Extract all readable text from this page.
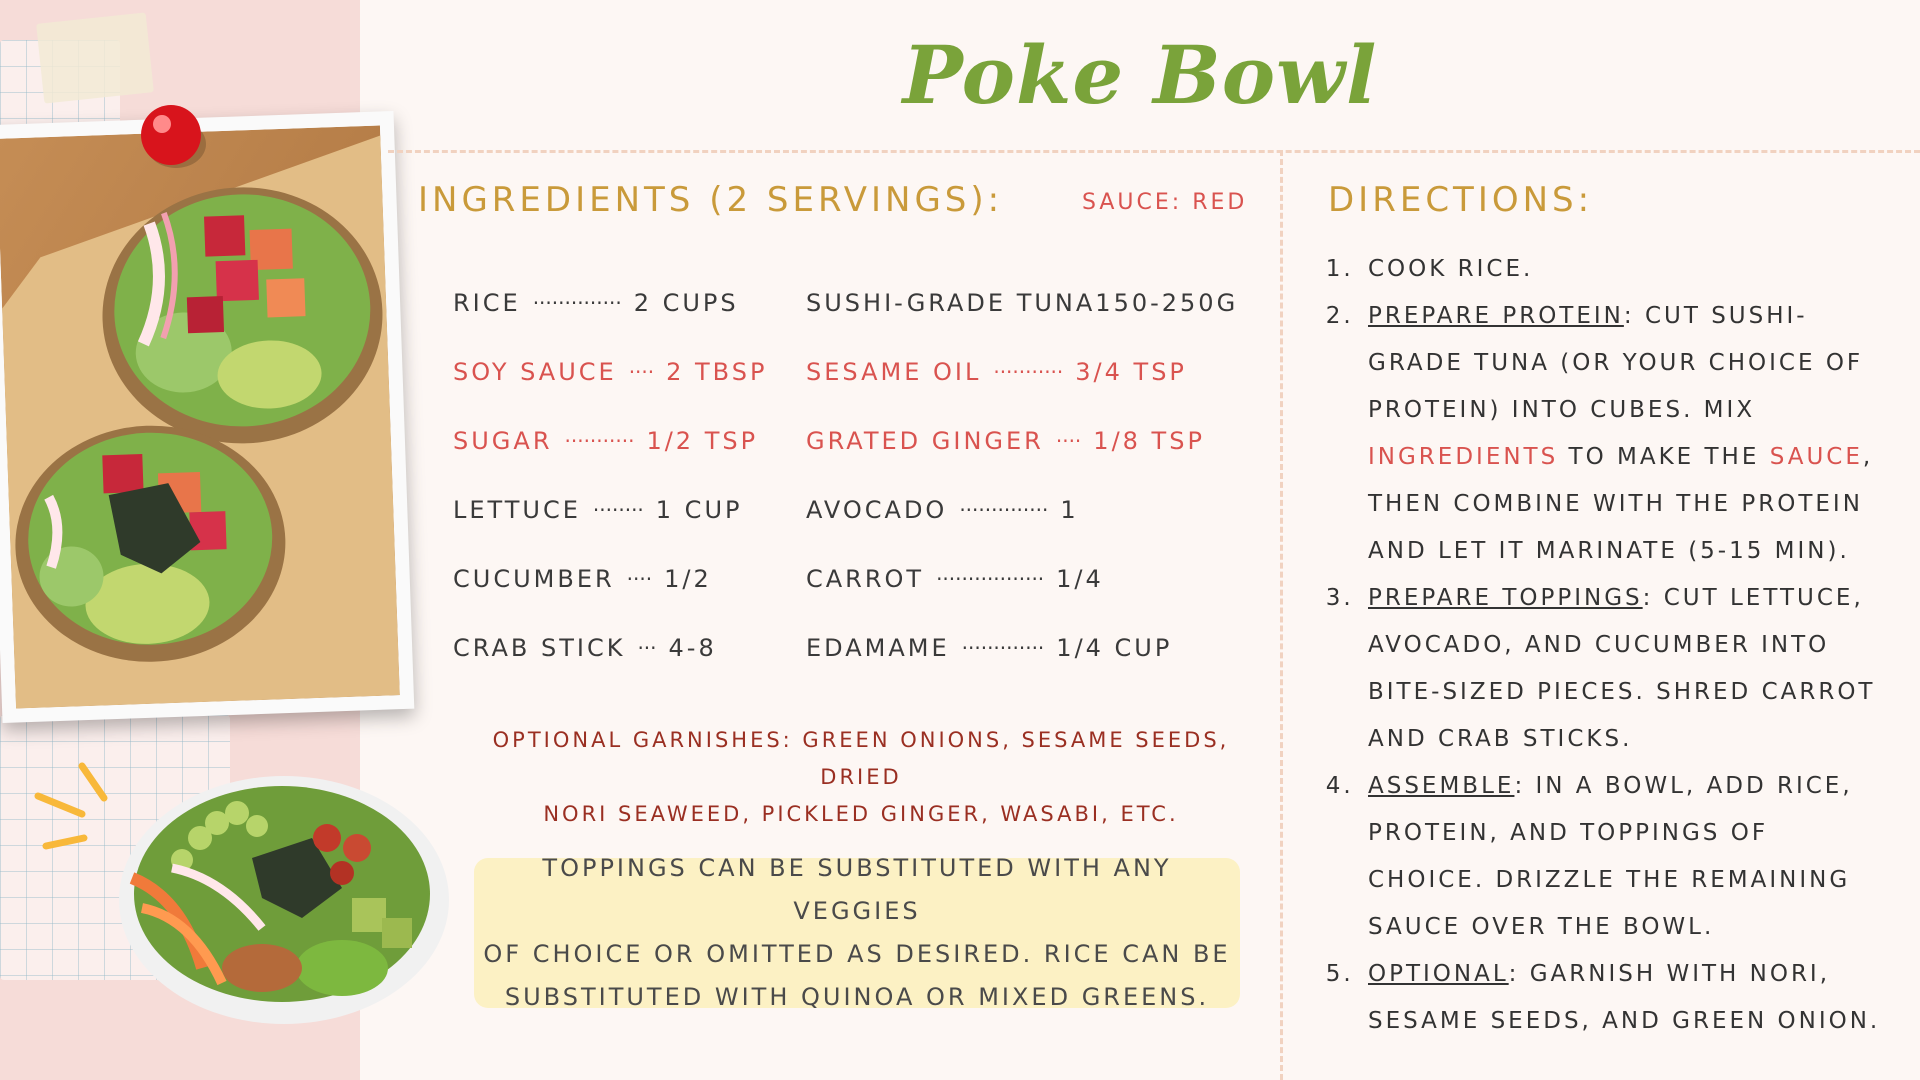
Poke Bowl
INGREDIENTS (2 SERVINGS):	SAUCE: RED
RICE ·············· 2 CUPS
SOY SAUCE ···· 2 TBSP
SUGAR ··········· 1/2 TSP
LETTUCE ········ 1 CUP
CUCUMBER ···· 1/2
CRAB STICK ··· 4-8
SUSHI-GRADE TUNA 150-250G
SESAME OIL ··········· 3/4 TSP
GRATED GINGER ···· 1/8 TSP
AVOCADO ·············· 1
CARROT ················· 1/4
EDAMAME ············· 1/4 CUP
OPTIONAL GARNISHES: GREEN ONIONS, SESAME SEEDS, DRIED
NORI SEAWEED, PICKLED GINGER, WASABI, ETC.
TOPPINGS CAN BE SUBSTITUTED WITH ANY VEGGIES
OF CHOICE OR OMITTED AS DESIRED. RICE CAN BE
SUBSTITUTED WITH QUINOA OR MIXED GREENS.
DIRECTIONS:
1. COOK RICE.
2. PREPARE PROTEIN: CUT SUSHI-GRADE TUNA (OR YOUR CHOICE OF PROTEIN) INTO CUBES. MIX INGREDIENTS TO MAKE THE SAUCE, THEN COMBINE WITH THE PROTEIN AND LET IT MARINATE (5-15 MIN).
3. PREPARE TOPPINGS: CUT LETTUCE, AVOCADO, AND CUCUMBER INTO BITE-SIZED PIECES. SHRED CARROT AND CRAB STICKS.
4. ASSEMBLE: IN A BOWL, ADD RICE, PROTEIN, AND TOPPINGS OF CHOICE. DRIZZLE THE REMAINING SAUCE OVER THE BOWL.
5. OPTIONAL: GARNISH WITH NORI, SESAME SEEDS, AND GREEN ONION.
